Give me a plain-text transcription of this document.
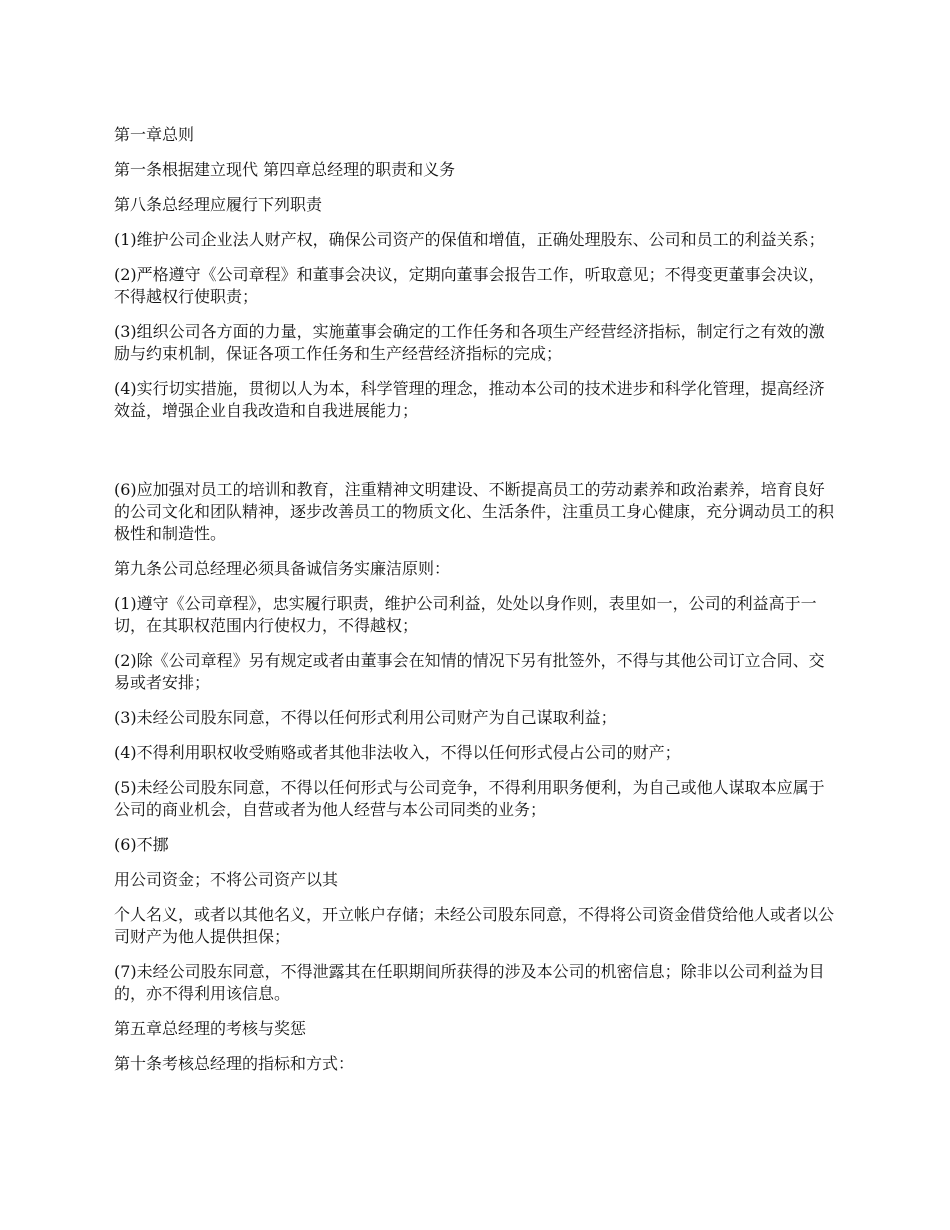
第一章总则

第一条根据建立现代 第四章总经理的职责和义务

第八条总经理应履行下列职责

(1)维护公司企业法人财产权，确保公司资产的保值和增值，正确处理股东、公司和员工的利益关系；

(2)严格遵守《公司章程》和董事会决议，定期向董事会报告工作，听取意见；不得变更董事会决议，不得越权行使职责；

(3)组织公司各方面的力量，实施董事会确定的工作任务和各项生产经营经济指标，制定行之有效的激励与约束机制，保证各项工作任务和生产经营经济指标的完成；

(4)实行切实措施，贯彻以人为本，科学管理的理念，推动本公司的技术进步和科学化管理，提高经济效益，增强企业自我改造和自我进展能力；

(6)应加强对员工的培训和教育，注重精神文明建设、不断提高员工的劳动素养和政治素养，培育良好的公司文化和团队精神，逐步改善员工的物质文化、生活条件，注重员工身心健康，充分调动员工的积极性和制造性。

第九条公司总经理必须具备诚信务实廉洁原则：

(1)遵守《公司章程》，忠实履行职责，维护公司利益，处处以身作则，表里如一，公司的利益高于一切，在其职权范围内行使权力，不得越权；

(2)除《公司章程》另有规定或者由董事会在知情的情况下另有批签外，不得与其他公司订立合同、交易或者安排；

(3)未经公司股东同意，不得以任何形式利用公司财产为自己谋取利益；

(4)不得利用职权收受贿赂或者其他非法收入，不得以任何形式侵占公司的财产；

(5)未经公司股东同意，不得以任何形式与公司竞争，不得利用职务便利，为自己或他人谋取本应属于公司的商业机会，自营或者为他人经营与本公司同类的业务；

(6)不挪

用公司资金；不将公司资产以其

个人名义，或者以其他名义，开立帐户存储；未经公司股东同意，不得将公司资金借贷给他人或者以公司财产为他人提供担保；

(7)未经公司股东同意，不得泄露其在任职期间所获得的涉及本公司的机密信息；除非以公司利益为目的，亦不得利用该信息。

第五章总经理的考核与奖惩

第十条考核总经理的指标和方式：
